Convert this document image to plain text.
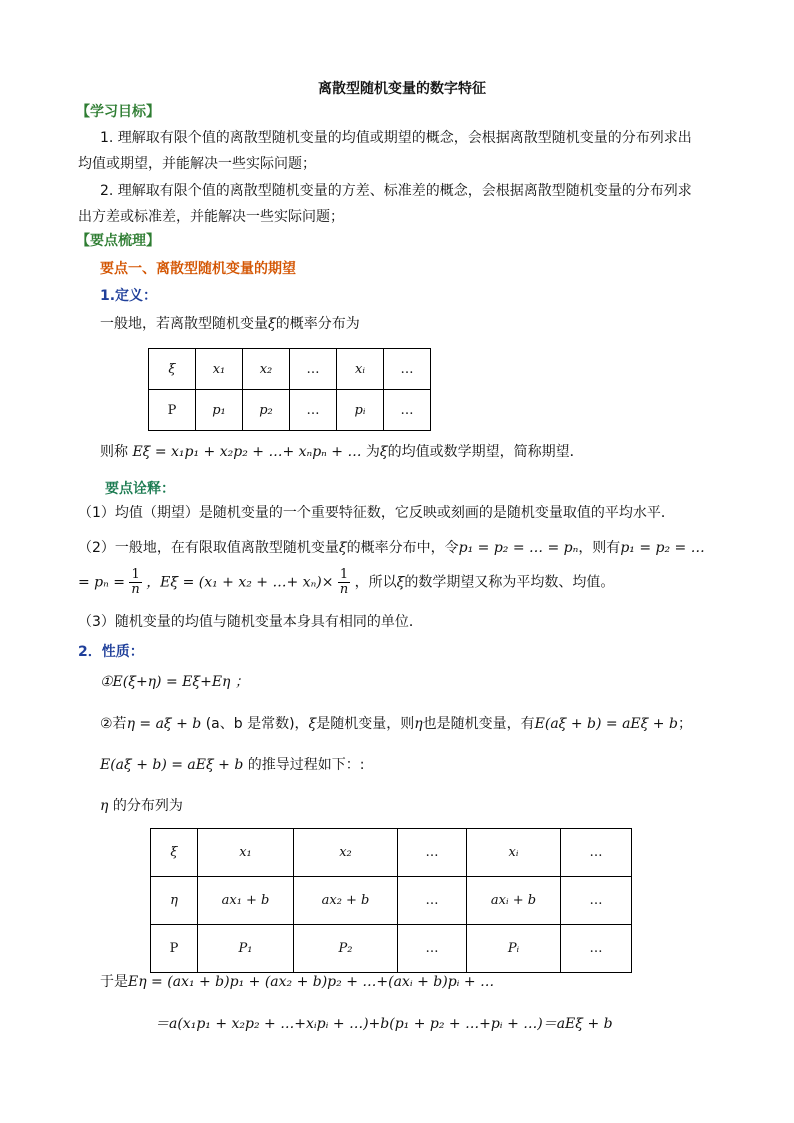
离散型随机变量的数字特征
【学习目标】
1. 理解取有限个值的离散型随机变量的均值或期望的概念，会根据离散型随机变量的分布列求出
均值或期望，并能解决一些实际问题；
2. 理解取有限个值的离散型随机变量的方差、标准差的概念，会根据离散型随机变量的分布列求
出方差或标准差，并能解决一些实际问题；
【要点梳理】
要点一、离散型随机变量的期望
1.定义：
一般地，若离散型随机变量ξ的概率分布为
ξ	x₁	x₂	…	xᵢ	…
P	p₁	p₂	…	pᵢ	…
则称 Eξ = x₁p₁ + x₂p₂ + …+ xₙpₙ + … 为ξ的均值或数学期望，简称期望．
要点诠释：
（1）均值（期望）是随机变量的一个重要特征数，它反映或刻画的是随机变量取值的平均水平．
（2）一般地，在有限取值离散型随机变量ξ的概率分布中，令p₁ = p₂ = … = pₙ，则有p₁ = p₂ = …
= $p_n = \frac{1}{n}$ ，Eξ = (x₁ + x₂ + …+ $x_n)\times \frac{1}{n}$ ，所以ξ的数学期望又称为平均数、均值。
（3）随机变量的均值与随机变量本身具有相同的单位．
2．性质：
①E(ξ+η) = Eξ+Eη ；
②若η = aξ + b (a、b 是常数)，ξ是随机变量，则η也是随机变量，有E(aξ + b) = aEξ + b；
E(aξ + b) = aEξ + b 的推导过程如下：:
η 的分布列为
ξ	x₁	x₂	…	xᵢ	…
η	ax₁ + b	ax₂ + b	…	axᵢ + b	…
P	P₁	P₂	…	Pᵢ	…
于是Eη = (ax₁ + b)p₁ + (ax₂ + b)p₂ + …+(axᵢ + b)pᵢ + …
＝a(x₁p₁ + x₂p₂ + …+xᵢpᵢ + …)+b(p₁ + p₂ + …+pᵢ + …)＝aEξ + b
